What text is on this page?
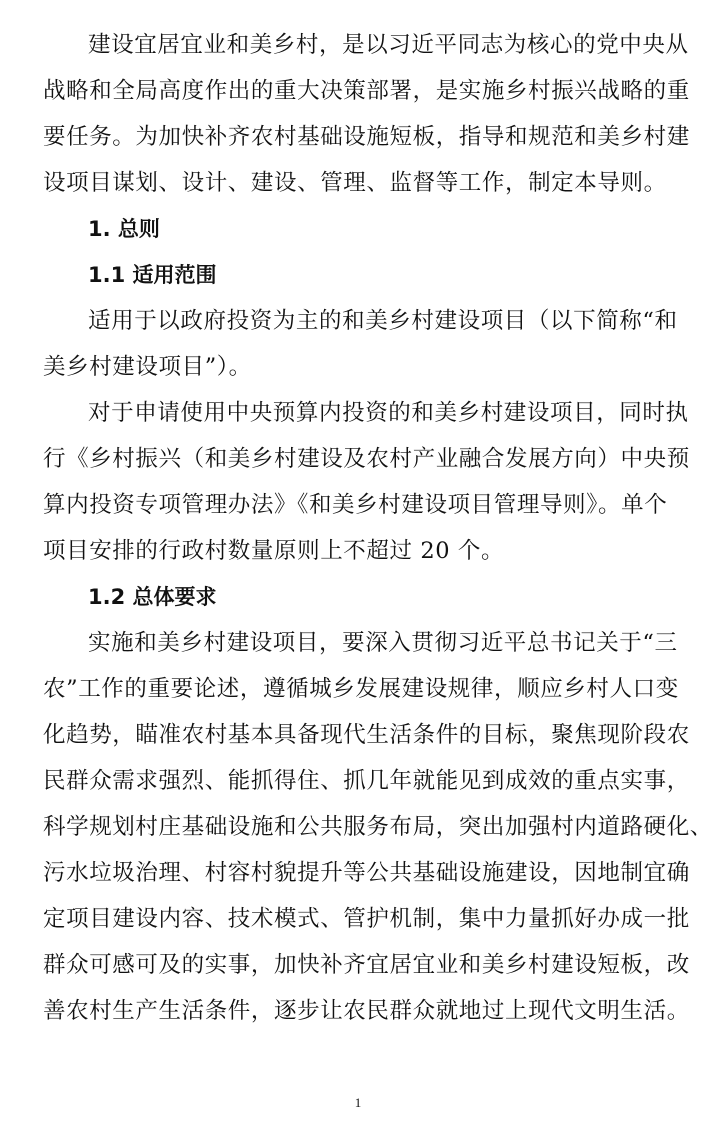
建设宜居宜业和美乡村，是以习近平同志为核心的党中央从
战略和全局高度作出的重大决策部署，是实施乡村振兴战略的重
要任务。为加快补齐农村基础设施短板，指导和规范和美乡村建
设项目谋划、设计、建设、管理、监督等工作，制定本导则。
1. 总则
1.1 适用范围
适用于以政府投资为主的和美乡村建设项目（以下简称“和
美乡村建设项目”）。
对于申请使用中央预算内投资的和美乡村建设项目，同时执
行《乡村振兴（和美乡村建设及农村产业融合发展方向）中央预
算内投资专项管理办法》《和美乡村建设项目管理导则》。单个
项目安排的行政村数量原则上不超过 20 个。
1.2 总体要求
实施和美乡村建设项目，要深入贯彻习近平总书记关于“三
农”工作的重要论述，遵循城乡发展建设规律，顺应乡村人口变
化趋势，瞄准农村基本具备现代生活条件的目标，聚焦现阶段农
民群众需求强烈、能抓得住、抓几年就能见到成效的重点实事，
科学规划村庄基础设施和公共服务布局，突出加强村内道路硬化、
污水垃圾治理、村容村貌提升等公共基础设施建设，因地制宜确
定项目建设内容、技术模式、管护机制，集中力量抓好办成一批
群众可感可及的实事，加快补齐宜居宜业和美乡村建设短板，改
善农村生产生活条件，逐步让农民群众就地过上现代文明生活。
1
